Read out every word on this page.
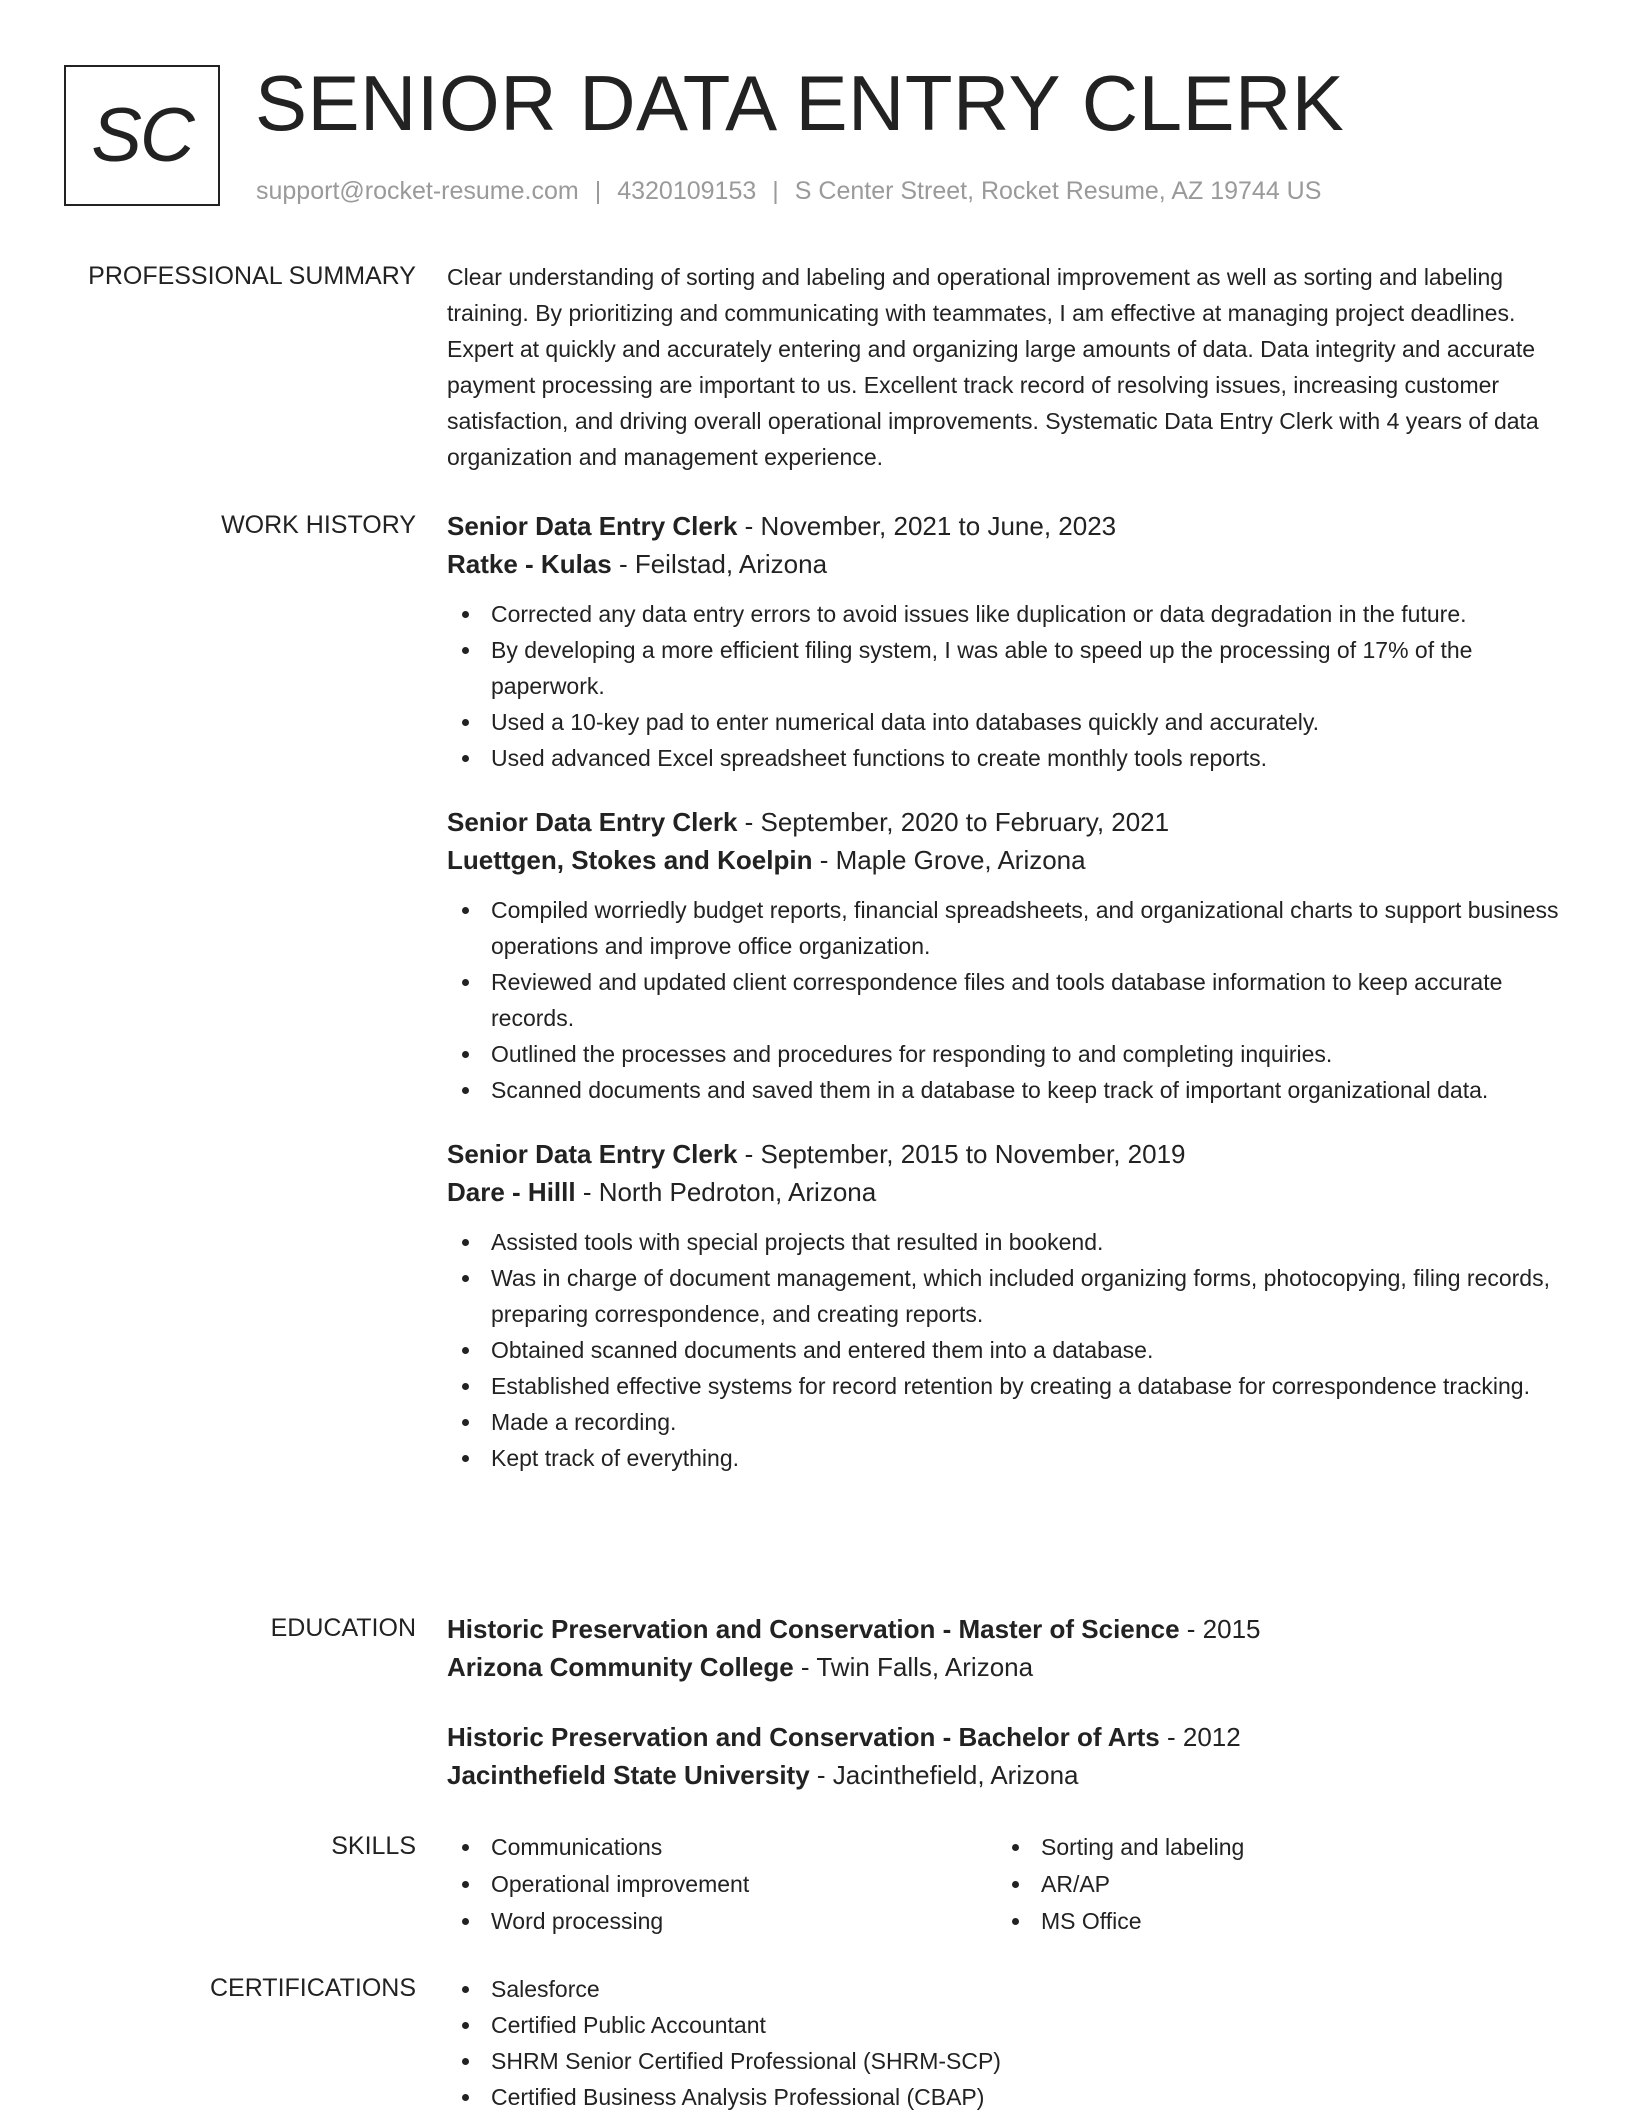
SC SENIOR DATA ENTRY CLERK
support@rocket-resume.com | 4320109153 | S Center Street, Rocket Resume, AZ 19744 US
PROFESSIONAL SUMMARY Clear understanding of sorting and labeling and operational improvement as well as sorting and labeling training. By prioritizing and communicating with teammates, I am effective at managing project deadlines. Expert at quickly and accurately entering and organizing large amounts of data. Data integrity and accurate payment processing are important to us. Excellent track record of resolving issues, increasing customer satisfaction, and driving overall operational improvements. Systematic Data Entry Clerk with 4 years of data organization and management experience.

WORK HISTORY Senior Data Entry Clerk - November, 2021 to June, 2023

Ratke - Kulas - Feilstad, Arizona

Corrected any data entry errors to avoid issues like duplication or data degradation in the future.
By developing a more efficient filing system, I was able to speed up the processing of 17% of the paperwork.
Used a 10-key pad to enter numerical data into databases quickly and accurately.
Used advanced Excel spreadsheet functions to create monthly tools reports.

Senior Data Entry Clerk - September, 2020 to February, 2021

Luettgen, Stokes and Koelpin - Maple Grove, Arizona

Compiled worriedly budget reports, financial spreadsheets, and organizational charts to support business operations and improve office organization.
Reviewed and updated client correspondence files and tools database information to keep accurate records.
Outlined the processes and procedures for responding to and completing inquiries.
Scanned documents and saved them in a database to keep track of important organizational data.

Senior Data Entry Clerk - September, 2015 to November, 2019

Dare - Hilll - North Pedroton, Arizona

Assisted tools with special projects that resulted in bookend.
Was in charge of document management, which included organizing forms, photocopying, filing records, preparing correspondence, and creating reports.
Obtained scanned documents and entered them into a database.
Established effective systems for record retention by creating a database for correspondence tracking.
Made a recording.
Kept track of everything.
EDUCATION Historic Preservation and Conservation - Master of Science - 2015

Arizona Community College - Twin Falls, Arizona

Historic Preservation and Conservation - Bachelor of Arts - 2012

Jacinthefield State University - Jacinthefield, Arizona

SKILLS	Communications
Operational improvement
Word processing
Sorting and labeling
AR/AP
MS Office
CERTIFICATIONS	Salesforce
Certified Public Accountant
SHRM Senior Certified Professional (SHRM-SCP)
Certified Business Analysis Professional (CBAP)
